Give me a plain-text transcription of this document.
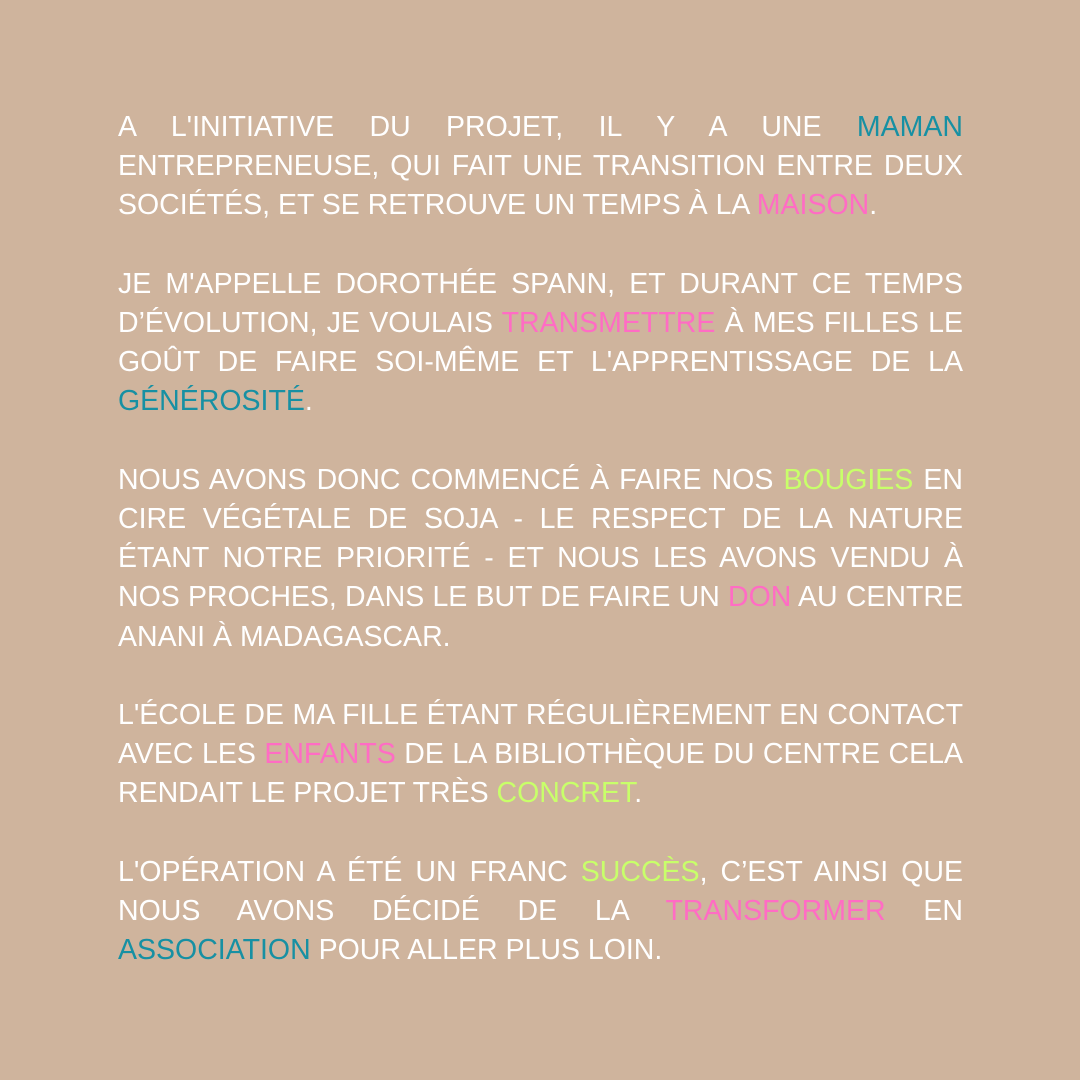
A L'INITIATIVE DU PROJET, IL Y A UNE MAMAN ENTREPRENEUSE, QUI FAIT UNE TRANSITION ENTRE DEUX SOCIÉTÉS, ET SE RETROUVE UN TEMPS À LA MAISON.

JE M'APPELLE DOROTHÉE SPANN, ET DURANT CE TEMPS D’ÉVOLUTION, JE VOULAIS TRANSMETTRE À MES FILLES LE GOÛT DE FAIRE SOI-MÊME ET L'APPRENTISSAGE DE LA GÉNÉROSITÉ.

NOUS AVONS DONC COMMENCÉ À FAIRE NOS BOUGIES EN CIRE VÉGÉTALE DE SOJA - LE RESPECT DE LA NATURE ÉTANT NOTRE PRIORITÉ - ET NOUS LES AVONS VENDU À NOS PROCHES, DANS LE BUT DE FAIRE UN DON AU CENTRE ANANI À MADAGASCAR.

L'ÉCOLE DE MA FILLE ÉTANT RÉGULIÈREMENT EN CONTACT AVEC LES ENFANTS DE LA BIBLIOTHÈQUE DU CENTRE CELA RENDAIT LE PROJET TRÈS CONCRET.

L'OPÉRATION A ÉTÉ UN FRANC SUCCÈS, C’EST AINSI QUE NOUS AVONS DÉCIDÉ DE LA TRANSFORMER EN ASSOCIATION POUR ALLER PLUS LOIN.
